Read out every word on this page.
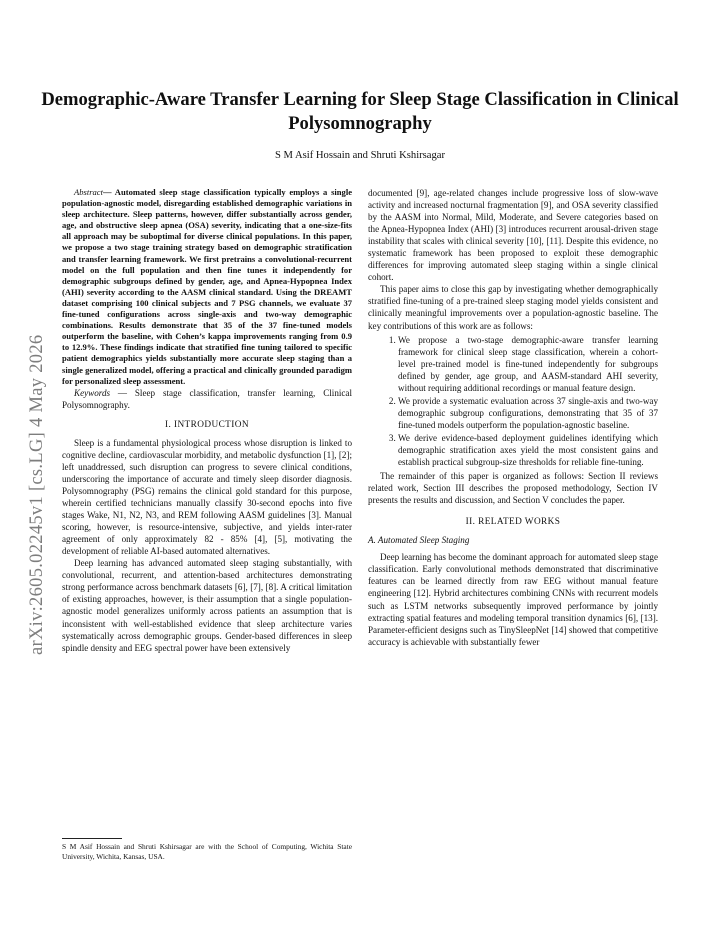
arXiv:2605.02245v1 [cs.LG] 4 May 2026
Demographic-Aware Transfer Learning for Sleep Stage Classification in Clinical Polysomnography
S M Asif Hossain and Shruti Kshirsagar

Abstract— Automated sleep stage classification typically employs a single population-agnostic model, disregarding established demographic variations in sleep architecture. Sleep patterns, however, differ substantially across gender, age, and obstructive sleep apnea (OSA) severity, indicating that a one-size-fits all approach may be suboptimal for diverse clinical populations. In this paper, we propose a two stage training strategy based on demographic stratification and transfer learning framework. We first pretrains a convolutional-recurrent model on the full population and then fine tunes it independently for demographic subgroups defined by gender, age, and Apnea-Hypopnea Index (AHI) severity according to the AASM clinical standard. Using the DREAMT dataset comprising 100 clinical subjects and 7 PSG channels, we evaluate 37 fine-tuned configurations across single-axis and two-way demographic combinations. Results demonstrate that 35 of the 37 fine-tuned models outperform the baseline, with Cohen’s kappa improvements ranging from 0.9 to 12.9%. These findings indicate that stratified fine tuning tailored to specific patient demographics yields substantially more accurate sleep staging than a single generalized model, offering a practical and clinically grounded paradigm for personalized sleep assessment.

Keywords — Sleep stage classification, transfer learning, Clinical Polysomnography.

I. INTRODUCTION

Sleep is a fundamental physiological process whose disruption is linked to cognitive decline, cardiovascular morbidity, and metabolic dysfunction [1], [2]; left unaddressed, such disruption can progress to severe clinical conditions, underscoring the importance of accurate and timely sleep disorder diagnosis. Polysomnography (PSG) remains the clinical gold standard for this purpose, wherein certified technicians manually classify 30-second epochs into five stages Wake, N1, N2, N3, and REM following AASM guidelines [3]. Manual scoring, however, is resource-intensive, subjective, and yields inter-rater agreement of only approximately 82 - 85% [4], [5], motivating the development of reliable AI-based automated alternatives.

Deep learning has advanced automated sleep staging substantially, with convolutional, recurrent, and attention-based architectures demonstrating strong performance across benchmark datasets [6], [7], [8]. A critical limitation of existing approaches, however, is their assumption that a single population-agnostic model generalizes uniformly across patients an assumption that is inconsistent with well-established evidence that sleep architecture varies systematically across demographic groups. Gender-based differences in sleep spindle density and EEG spectral power have been extensively

documented [9], age-related changes include progressive loss of slow-wave activity and increased nocturnal fragmentation [9], and OSA severity classified by the AASM into Normal, Mild, Moderate, and Severe categories based on the Apnea-Hypopnea Index (AHI) [3] introduces recurrent arousal-driven stage instability that scales with clinical severity [10], [11]. Despite this evidence, no systematic framework has been proposed to exploit these demographic differences for improving automated sleep staging within a single clinical cohort.

This paper aims to close this gap by investigating whether demographically stratified fine-tuning of a pre-trained sleep staging model yields consistent and clinically meaningful improvements over a population-agnostic baseline. The key contributions of this work are as follows:

1. We propose a two-stage demographic-aware transfer learning framework for clinical sleep stage classification, wherein a cohort-level pre-trained model is fine-tuned independently for subgroups defined by gender, age group, and AASM-standard AHI severity, without requiring additional recordings or manual feature design.
2. We provide a systematic evaluation across 37 single-axis and two-way demographic subgroup configurations, demonstrating that 35 of 37 fine-tuned models outperform the population-agnostic baseline.
3. We derive evidence-based deployment guidelines identifying which demographic stratification axes yield the most consistent gains and establish practical subgroup-size thresholds for reliable fine-tuning.

The remainder of this paper is organized as follows: Section II reviews related work, Section III describes the proposed methodology, Section IV presents the results and discussion, and Section V concludes the paper.

II. RELATED WORKS
A. Automated Sleep Staging

Deep learning has become the dominant approach for automated sleep stage classification. Early convolutional methods demonstrated that discriminative features can be learned directly from raw EEG without manual feature engineering [12]. Hybrid architectures combining CNNs with recurrent models such as LSTM networks subsequently improved performance by jointly extracting spatial features and modeling temporal transition dynamics [6], [13]. Parameter-efficient designs such as TinySleepNet [14] showed that competitive accuracy is achievable with substantially fewer

S M Asif Hossain and Shruti Kshirsagar are with the School of Computing, Wichita State University, Wichita, Kansas, USA.
